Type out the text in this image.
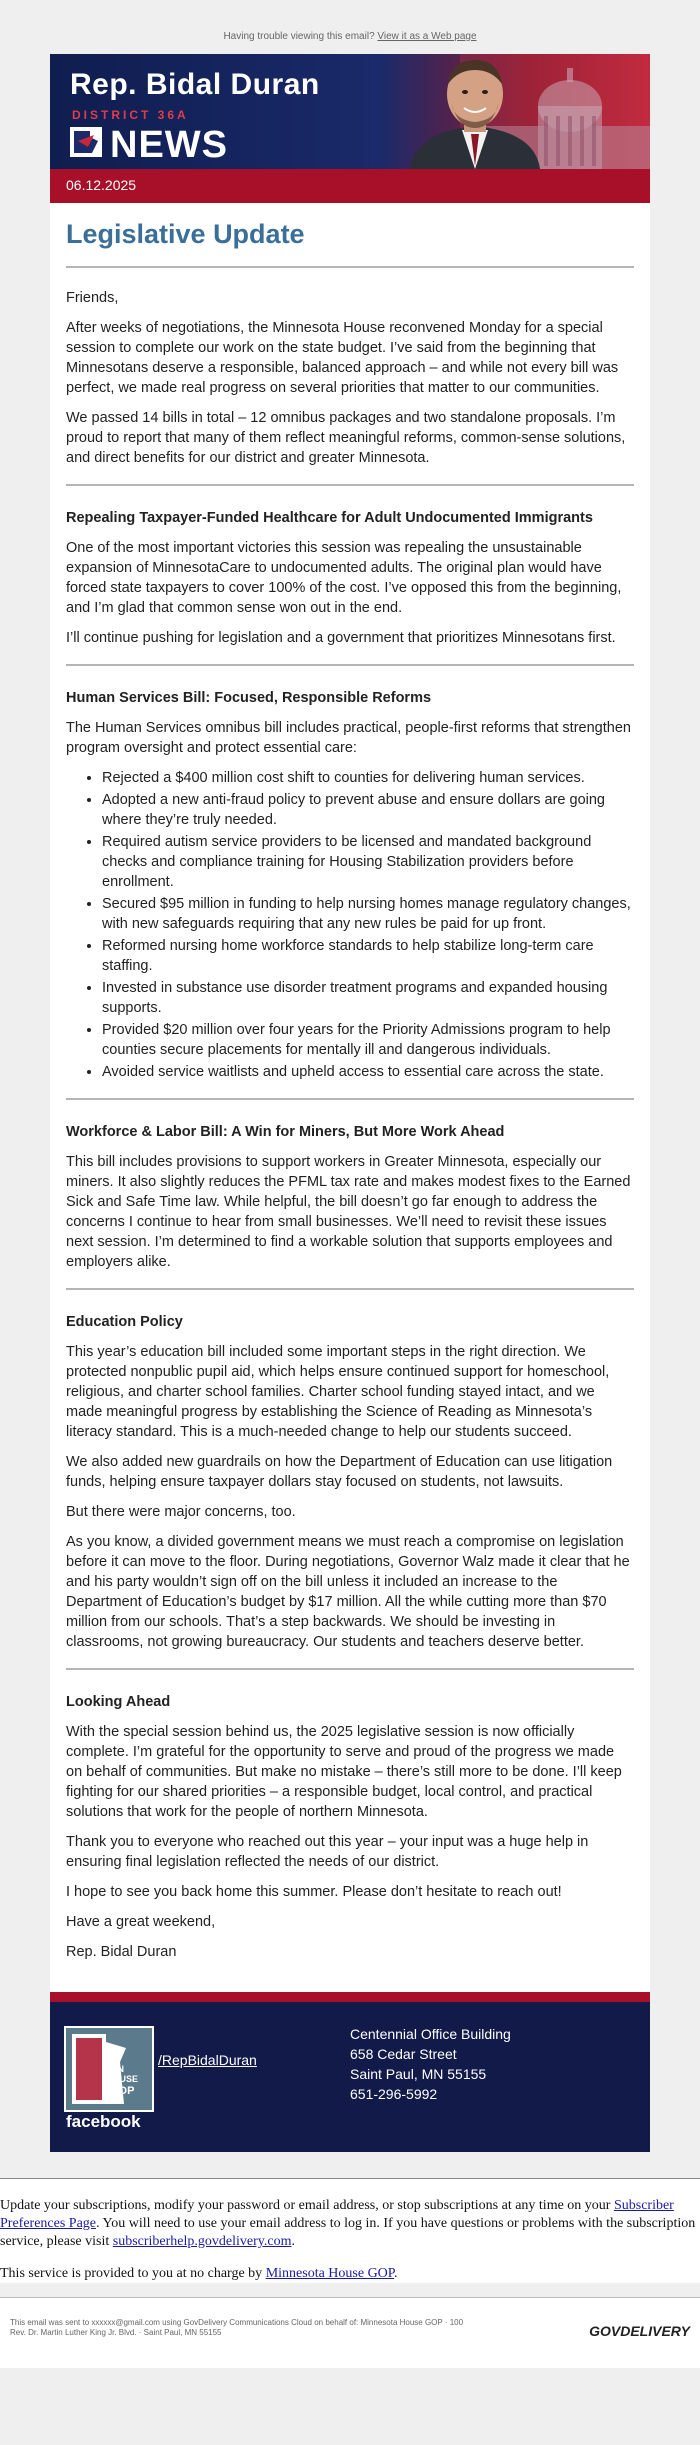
Having trouble viewing this email? View it as a Web page
Rep. Bidal Duran
DISTRICT 36A
NEWS
06.12.2025
Legislative Update

Friends,

After weeks of negotiations, the Minnesota House reconvened Monday for a special session to complete our work on the state budget. I’ve said from the beginning that Minnesotans deserve a responsible, balanced approach – and while not every bill was perfect, we made real progress on several priorities that matter to our communities.

We passed 14 bills in total – 12 omnibus packages and two standalone proposals. I’m proud to report that many of them reflect meaningful reforms, common-sense solutions, and direct benefits for our district and greater Minnesota.

Repealing Taxpayer-Funded Healthcare for Adult Undocumented Immigrants

One of the most important victories this session was repealing the unsustainable expansion of MinnesotaCare to undocumented adults. The original plan would have forced state taxpayers to cover 100% of the cost. I’ve opposed this from the beginning, and I’m glad that common sense won out in the end.

I’ll continue pushing for legislation and a government that prioritizes Minnesotans first.

Human Services Bill: Focused, Responsible Reforms

The Human Services omnibus bill includes practical, people-first reforms that strengthen program oversight and protect essential care:

• Rejected a $400 million cost shift to counties for delivering human services.
• Adopted a new anti-fraud policy to prevent abuse and ensure dollars are going where they’re truly needed.
• Required autism service providers to be licensed and mandated background checks and compliance training for Housing Stabilization providers before enrollment.
• Secured $95 million in funding to help nursing homes manage regulatory changes, with new safeguards requiring that any new rules be paid for up front.
• Reformed nursing home workforce standards to help stabilize long-term care staffing.
• Invested in substance use disorder treatment programs and expanded housing supports.
• Provided $20 million over four years for the Priority Admissions program to help counties secure placements for mentally ill and dangerous individuals.
• Avoided service waitlists and upheld access to essential care across the state.
Workforce & Labor Bill: A Win for Miners, But More Work Ahead

This bill includes provisions to support workers in Greater Minnesota, especially our miners. It also slightly reduces the PFML tax rate and makes modest fixes to the Earned Sick and Safe Time law. While helpful, the bill doesn’t go far enough to address the concerns I continue to hear from small businesses. We’ll need to revisit these issues next session. I’m determined to find a workable solution that supports employees and employers alike.

Education Policy

This year’s education bill included some important steps in the right direction. We protected nonpublic pupil aid, which helps ensure continued support for homeschool, religious, and charter school families. Charter school funding stayed intact, and we made meaningful progress by establishing the Science of Reading as Minnesota’s literacy standard. This is a much-needed change to help our students succeed.

We also added new guardrails on how the Department of Education can use litigation funds, helping ensure taxpayer dollars stay focused on students, not lawsuits.

But there were major concerns, too.

As you know, a divided government means we must reach a compromise on legislation before it can move to the floor. During negotiations, Governor Walz made it clear that he and his party wouldn’t sign off on the bill unless it included an increase to the Department of Education’s budget by $17 million. All the while cutting more than $70 million from our schools. That’s a step backwards. We should be investing in classrooms, not growing bureaucracy. Our students and teachers deserve better.

Looking Ahead

With the special session behind us, the 2025 legislative session is now officially complete. I’m grateful for the opportunity to serve and proud of the progress we made on behalf of communities. But make no mistake – there’s still more to be done. I’ll keep fighting for our shared priorities – a responsible budget, local control, and practical solutions that work for the people of northern Minnesota.

Thank you to everyone who reached out this year – your input was a huge help in ensuring final legislation reflected the needs of our district.

I hope to see you back home this summer. Please don’t hesitate to reach out!

Have a great weekend,

Rep. Bidal Duran

MN
HOUSE
GOP
facebook
/RepBidalDuran
Centennial Office Building
658 Cedar Street
Saint Paul, MN 55155
651-296-5992

Update your subscriptions, modify your password or email address, or stop subscriptions at any time on your Subscriber Preferences Page. You will need to use your email address to log in. If you have questions or problems with the subscription service, please visit subscriberhelp.govdelivery.com.

This service is provided to you at no charge by Minnesota House GOP.

This email was sent to xxxxxx@gmail.com using GovDelivery Communications Cloud on behalf of: Minnesota House GOP · 100
Rev. Dr. Martin Luther King Jr. Blvd. · Saint Paul, MN 55155	GOVDELIVERY
